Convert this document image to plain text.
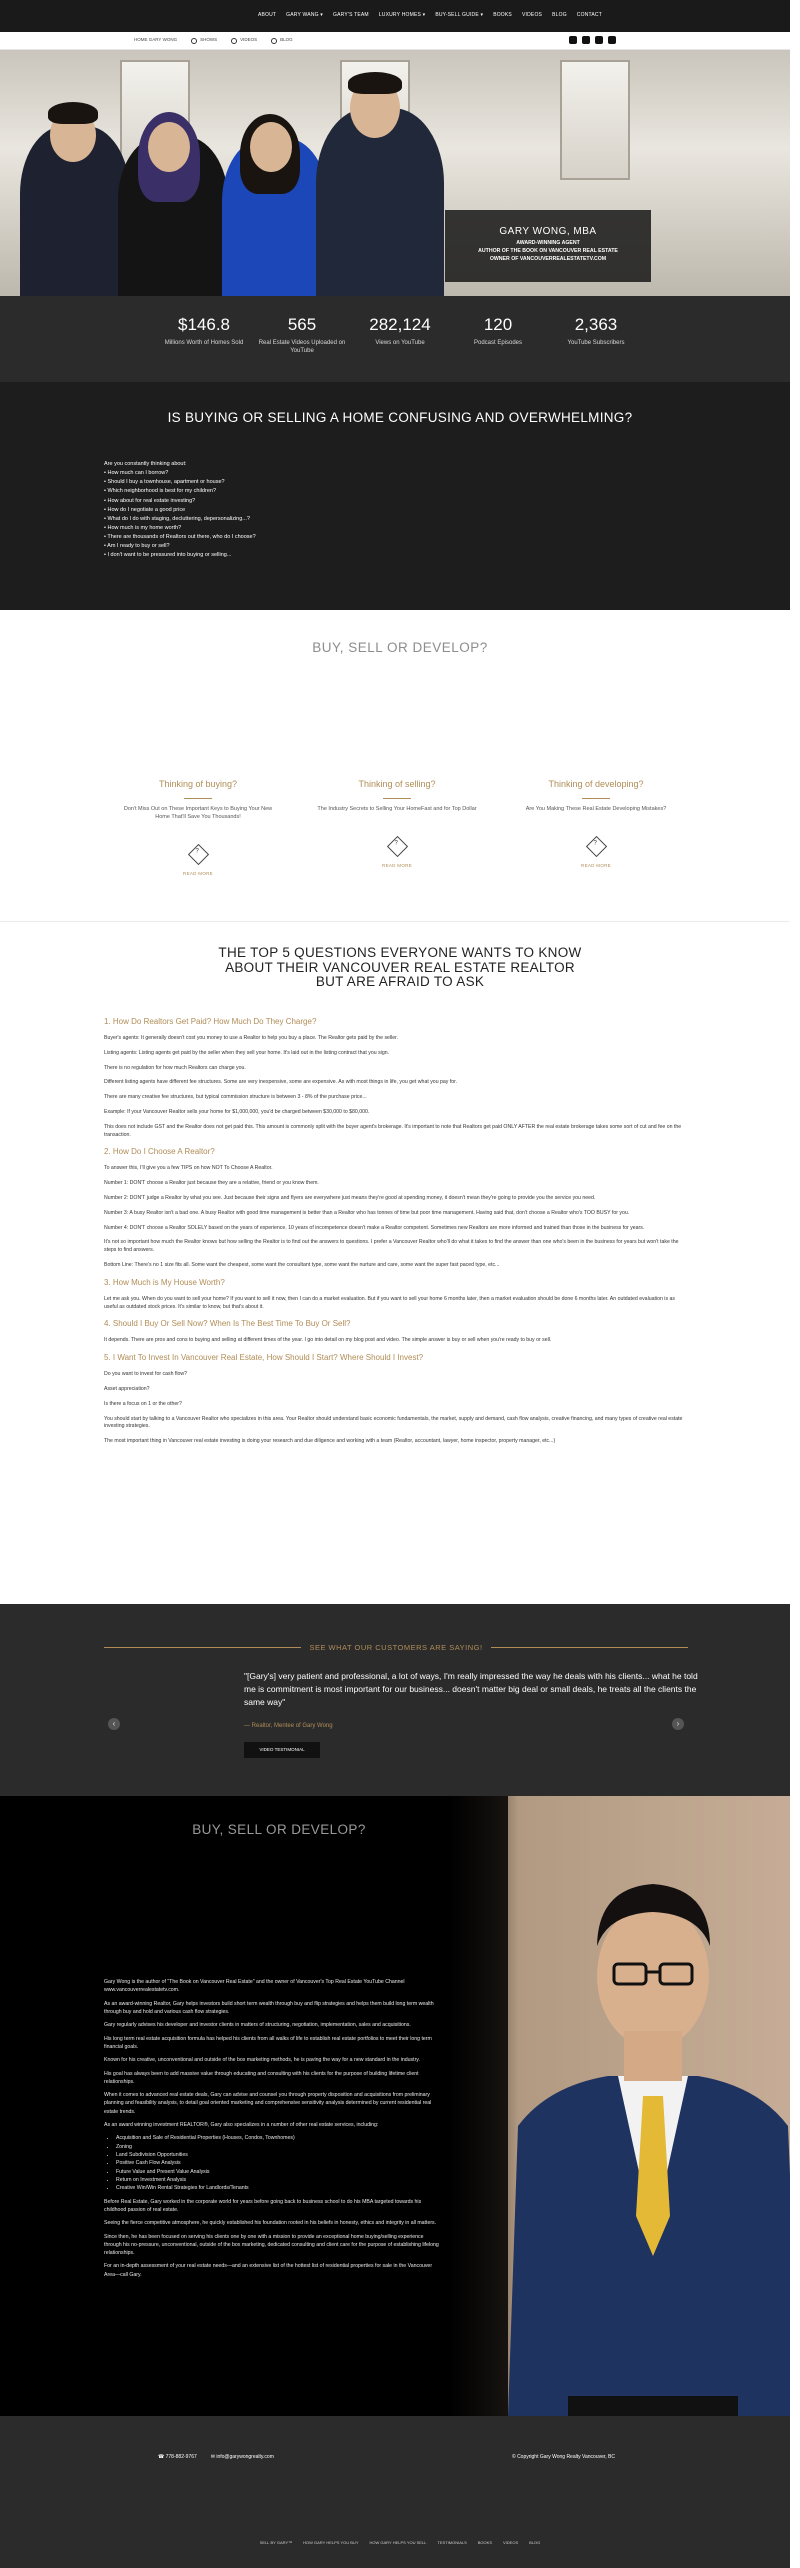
ABOUT GARY WANG ▾ GARY'S TEAM LUXURY HOMES ▾ BUY-SELL GUIDE ▾ BOOKS VIDEOS BLOG CONTACT
HOME GARY WONG	SHOWS	VIDEOS	BLOG
GARY WONG, MBA
AWARD-WINNING AGENT
AUTHOR OF THE BOOK ON VANCOUVER REAL ESTATE
OWNER OF VANCOUVERREALESTATETV.COM
$146.8
Millions Worth of Homes Sold
565
Real Estate Videos Uploaded on YouTube
282,124
Views on YouTube
120
Podcast Episodes
2,363
YouTube Subscribers
IS BUYING OR SELLING A HOME CONFUSING AND OVERWHELMING?
Are you constantly thinking about:
• How much can I borrow?
• Should I buy a townhouse, apartment or house?
• Which neighborhood is best for my children?
• How about for real estate investing?
• How do I negotiate a good price
• What do I do with staging, decluttering, depersonalizing...?
• How much is my home worth?
• There are thousands of Realtors out there, who do I choose?
• Am I ready to buy or sell?
• I don't want to be pressured into buying or selling...
BUY, SELL OR DEVELOP?
Thinking of buying?

Don't Miss Out on These Important Keys to Buying Your New Home That'll Save You Thousands!

?
READ MORE
Thinking of selling?

The Industry Secrets to Selling Your HomeFast and for Top Dollar

?
READ MORE
Thinking of developing?

Are You Making These Real Estate Developing Mistakes?

?
READ MORE
THE TOP 5 QUESTIONS EVERYONE WANTS TO KNOW ABOUT THEIR VANCOUVER REAL ESTATE REALTOR BUT ARE AFRAID TO ASK
1. How Do Realtors Get Paid? How Much Do They Charge?

Buyer's agents: It generally doesn't cost you money to use a Realtor to help you buy a place. The Realtor gets paid by the seller.

Listing agents: Listing agents get paid by the seller when they sell your home. It's laid out in the listing contract that you sign.

There is no regulation for how much Realtors can charge you.

Different listing agents have different fee structures. Some are very inexpensive, some are expensive. As with most things in life, you get what you pay for.

There are many creative fee structures, but typical commission structure is between 3 - 8% of the purchase price...

Example: If your Vancouver Realtor sells your home for $1,000,000, you'd be charged between $30,000 to $80,000.

This does not include GST and the Realtor does not get paid this. This amount is commonly split with the buyer agent's brokerage. It's important to note that Realtors get paid ONLY AFTER the real estate brokerage takes some sort of cut and fee on the transaction.

2. How Do I Choose A Realtor?

To answer this, I'll give you a few TIPS on how NOT To Choose A Realtor.

Number 1: DON'T choose a Realtor just because they are a relative, friend or you know them.

Number 2: DON'T judge a Realtor by what you see. Just because their signs and flyers are everywhere just means they're good at spending money, it doesn't mean they're going to provide you the service you need.

Number 3: A busy Realtor isn't a bad one. A busy Realtor with good time management is better than a Realtor who has tonnes of time but poor time management. Having said that, don't choose a Realtor who's TOO BUSY for you.

Number 4: DON'T choose a Realtor SOLELY based on the years of experience. 10 years of incompetence doesn't make a Realtor competent. Sometimes new Realtors are more informed and trained than those in the business for years.

It's not so important how much the Realtor knows but how selling the Realtor is to find out the answers to questions. I prefer a Vancouver Realtor who'll do what it takes to find the answer than one who's been in the business for years but won't take the steps to find answers.

Bottom Line: There's no 1 size fits all. Some want the cheapest, some want the consultant type, some want the nurture and care, some want the super fast paced type, etc...

3. How Much is My House Worth?

Let me ask you. When do you want to sell your home? If you want to sell it now, then I can do a market evaluation. But if you want to sell your home 6 months later, then a market evaluation should be done 6 months later. An outdated evaluation is as useful as outdated stock prices. It's similar to know, but that's about it.

4. Should I Buy Or Sell Now? When Is The Best Time To Buy Or Sell?

It depends. There are pros and cons to buying and selling at different times of the year. I go into detail on my blog post and video. The simple answer is buy or sell when you're ready to buy or sell.

5. I Want To Invest In Vancouver Real Estate, How Should I Start? Where Should I Invest?

Do you want to invest for cash flow?

Asset appreciation?

Is there a focus on 1 or the other?

You should start by talking to a Vancouver Realtor who specializes in this area. Your Realtor should understand basic economic fundamentals, the market, supply and demand, cash flow analysis, creative financing, and many types of creative real estate investing strategies.

The most important thing in Vancouver real estate investing is doing your research and due diligence and working with a team (Realtor, accountant, lawyer, home inspector, property manager, etc...)

SEE WHAT OUR CUSTOMERS ARE SAYING!
"[Gary's] very patient and professional, a lot of ways, I'm really impressed the way he deals with his clients... what he told me is commitment is most important for our business... doesn't matter big deal or small deals, he treats all the clients the same way"
— Realtor, Mentee of Gary Wong
VIDEO TESTIMONIAL
‹	›
BUY, SELL OR DEVELOP?

Gary Wong is the author of "The Book on Vancouver Real Estate" and the owner of Vancouver's Top Real Estate YouTube Channel www.vancouverrealestatetv.com.

As an award-winning Realtor, Gary helps investors build short term wealth through buy and flip strategies and helps them build long term wealth through buy and hold and various cash flow strategies.

Gary regularly advises his developer and investor clients in matters of structuring, negotiation, implementation, sales and acquisitions.

His long term real estate acquisition formula has helped his clients from all walks of life to establish real estate portfolios to meet their long term financial goals.

Known for his creative, unconventional and outside of the box marketing methods, he is paving the way for a new standard in the industry.

His goal has always been to add massive value through educating and consulting with his clients for the purpose of building lifetime client relationships.

When it comes to advanced real estate deals, Gary can advise and counsel you through property disposition and acquisitions from preliminary planning and feasibility analysis, to detail goal oriented marketing and comprehensive sensitivity analysis determined by current residential real estate trends.

As an award winning investment REALTOR®, Gary also specializes in a number of other real estate services, including:

• Acquisition and Sale of Residential Properties (Houses, Condos, Townhomes)
• Zoning
• Land Subdivision Opportunities
• Positive Cash Flow Analysis
• Future Value and Present Value Analysis
• Return on Investment Analysis
• Creative Win/Win Rental Strategies for Landlords/Tenants

Before Real Estate, Gary worked in the corporate world for years before going back to business school to do his MBA targeted towards his childhood passion of real estate.

Seeing the fierce competitive atmosphere, he quickly established his foundation rooted in his beliefs in honesty, ethics and integrity in all matters.

Since then, he has been focused on serving his clients one by one with a mission to provide an exceptional home buying/selling experience through his no-pressure, unconventional, outside of the box marketing, dedicated consulting and client care for the purpose of establishing lifelong relationships.

For an in-depth assessment of your real estate needs—and an extensive list of the hottest list of residential properties for sale in the Vancouver Area—call Gary.

☎ 778-882-9767	✉ info@garywongrealty.com	© Copyright Gary Wong Realty Vancouver, BC
SELL BY GARY™	HOW GARY HELPS YOU BUY	HOW GARY HELPS YOU SELL	TESTIMONIALS	BOOKS	VIDEOS	BLOG
